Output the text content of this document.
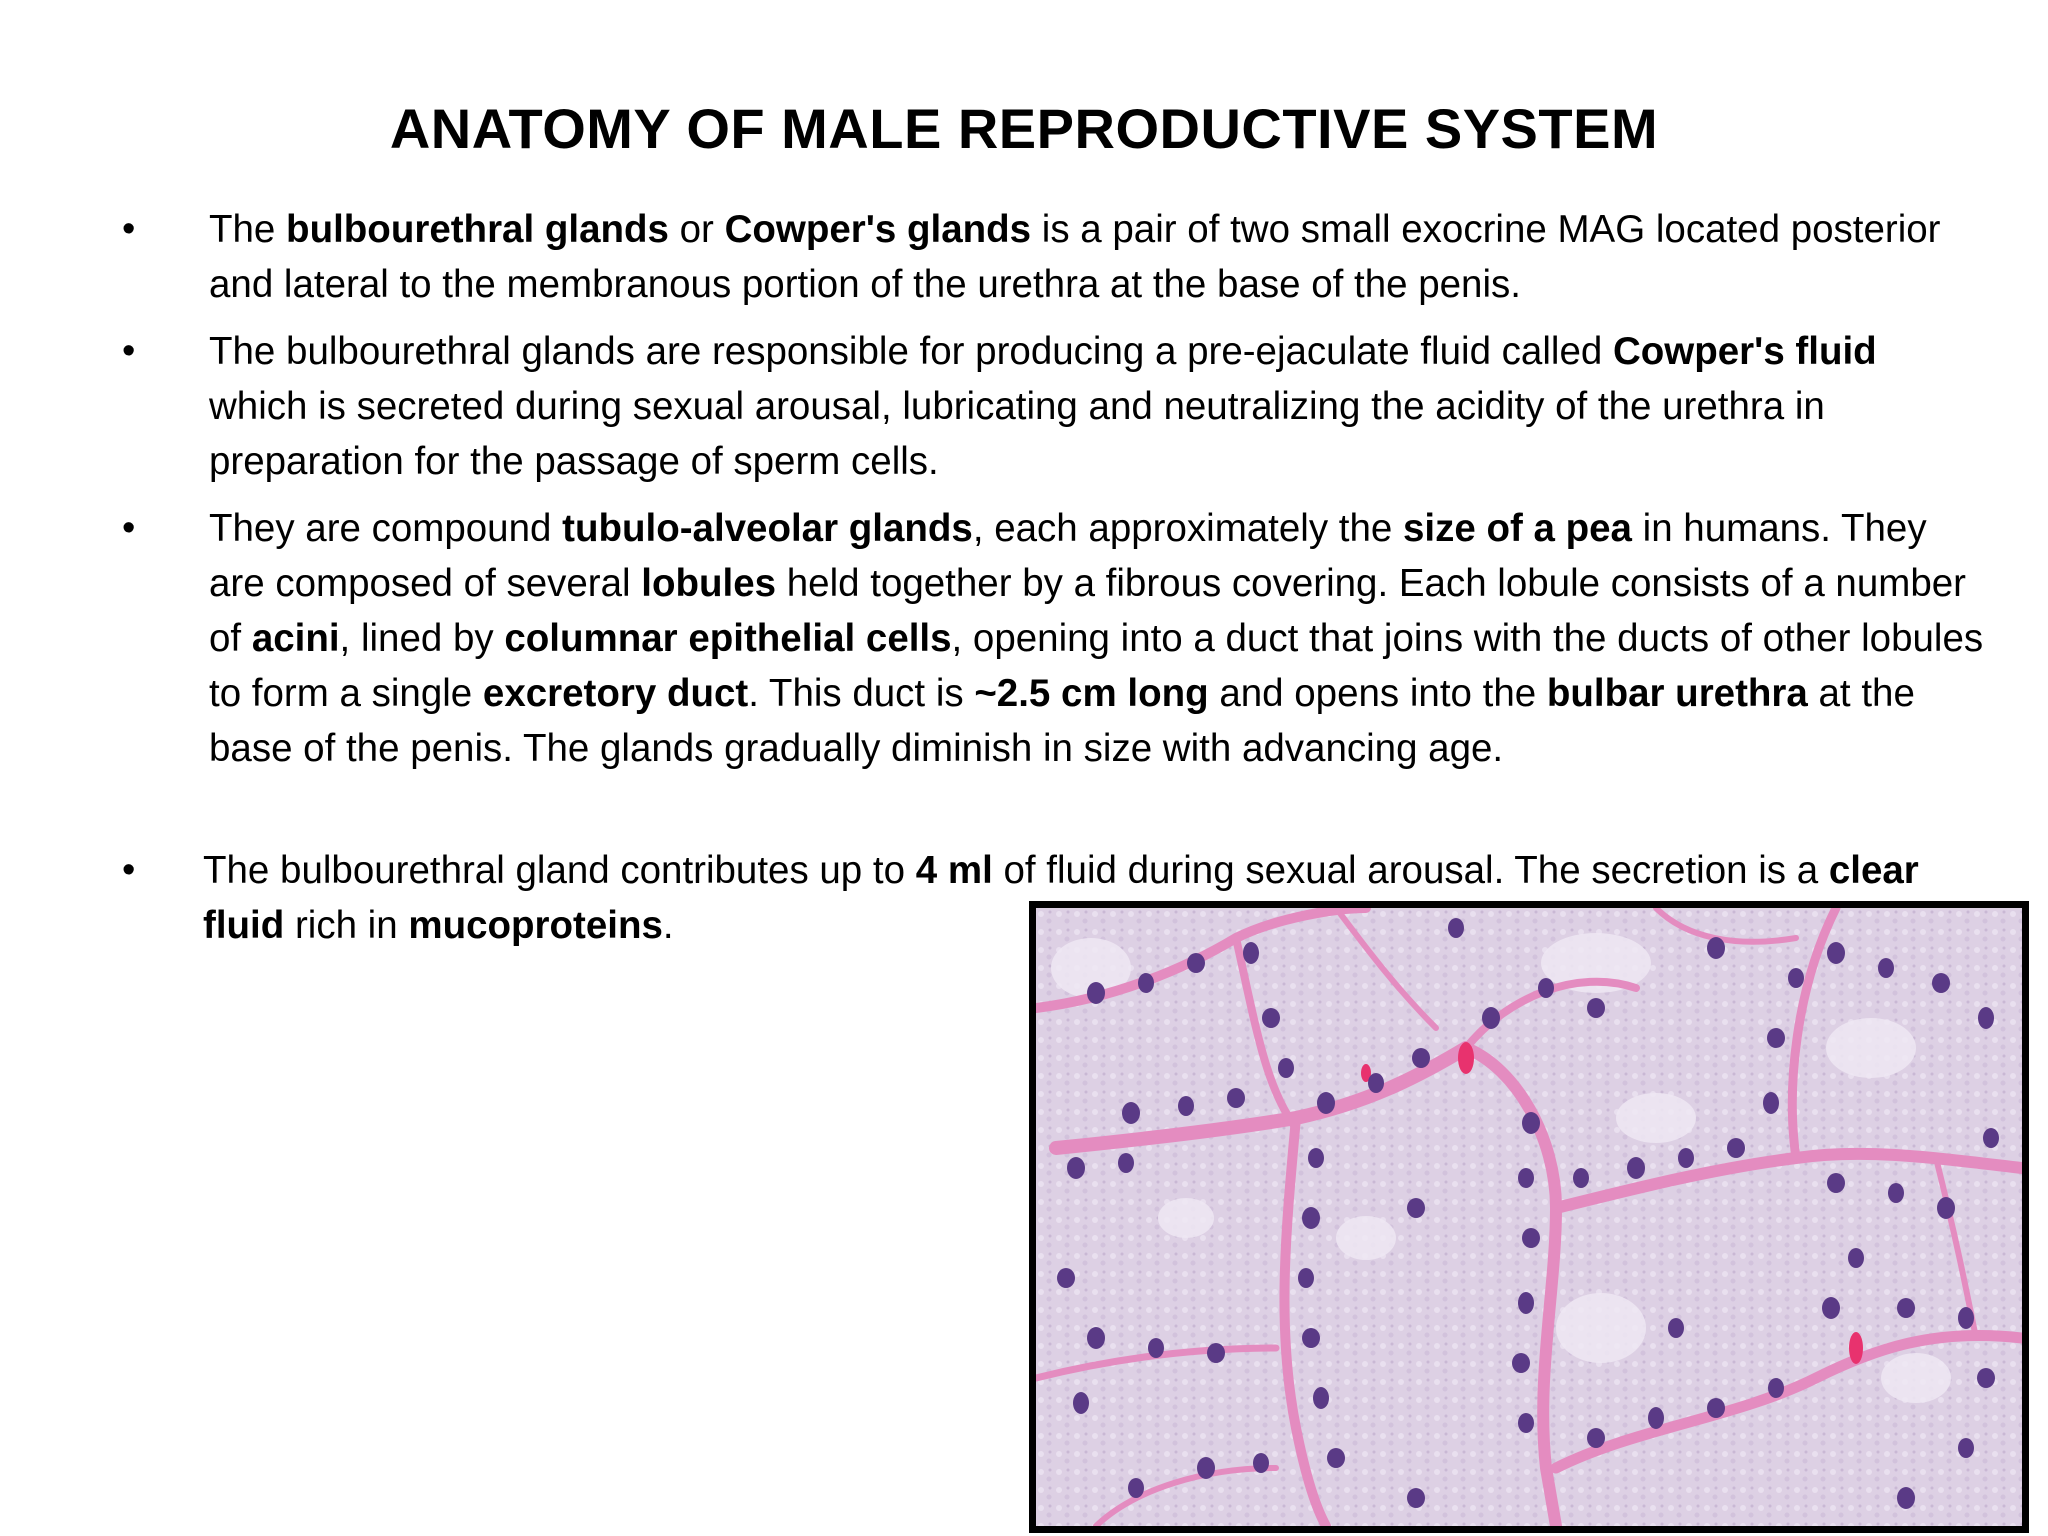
ANATOMY OF MALE REPRODUCTIVE SYSTEM
• The bulbourethral glands or Cowper's glands is a pair of two small exocrine MAG located posterior and lateral to the membranous portion of the urethra at the base of the penis.

• The bulbourethral glands are responsible for producing a pre-ejaculate fluid called Cowper's fluid which is secreted during sexual arousal, lubricating and neutralizing the acidity of the urethra in preparation for the passage of sperm cells.

• They are compound tubulo-alveolar glands, each approximately the size of a pea in humans. They are composed of several lobules held together by a fibrous covering. Each lobule consists of a number of acini, lined by columnar epithelial cells, opening into a duct that joins with the ducts of other lobules to form a single excretory duct. This duct is ~2.5 cm long and opens into the bulbar urethra at the base of the penis. The glands gradually diminish in size with advancing age.

• The bulbourethral gland contributes up to 4 ml of fluid during sexual arousal. The secretion is a clear fluid rich in mucoproteins.
